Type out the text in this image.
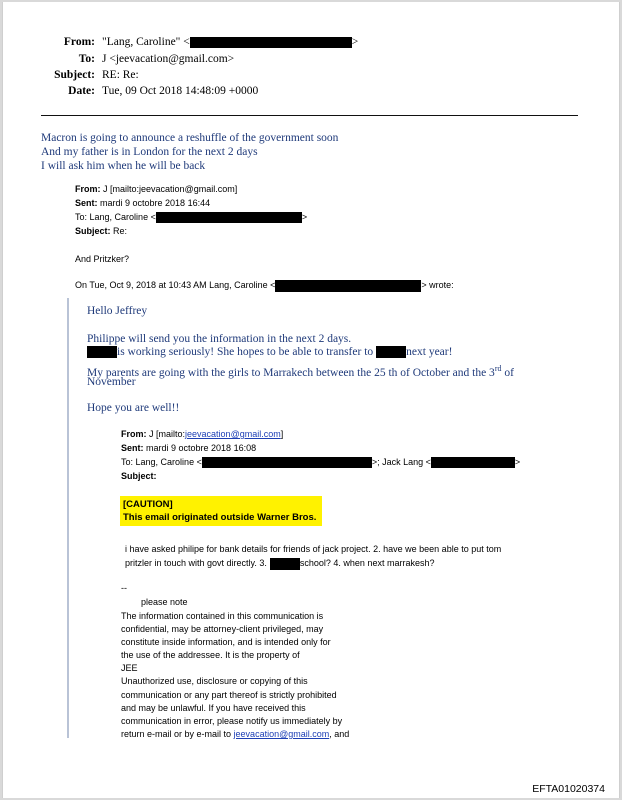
From: "Lang, Caroline" <	>
To: J <jeevacation@gmail.com>
Subject: RE: Re:
Date: Tue, 09 Oct 2018 14:48:09 +0000
Macron is going to announce a reshuffle of the government soon
And my father is in London for the next 2 days
I will ask him when he will be back
From: J [mailto:jeevacation@gmail.com]
Sent: mardi 9 octobre 2018 16:44
To: Lang, Caroline <	>
Subject: Re:
And Pritzker?
On Tue, Oct 9, 2018 at 10:43 AM Lang, Caroline <	> wrote:
Hello Jeffrey
Philippe will send you the information in the next 2 days.
is working seriously! She hopes to be able to transfer to	next year!
My parents are going with the girls to Marrakech between the 25 th of October and the 3rd of
November
Hope you are well!!
From: J [mailto:jeevacation@gmail.com]
Sent: mardi 9 octobre 2018 16:08
To: Lang, Caroline <	>; Jack Lang <	>
Subject:
[CAUTION]
This email originated outside Warner Bros.
i have asked philipe for bank details for friends of jack project. 2. have we been able to put tom
pritzler in touch with govt directly. 3.	school? 4. when next marrakesh?
--
please note
The information contained in this communication is
confidential, may be attorney-client privileged, may
constitute inside information, and is intended only for
the use of the addressee. It is the property of
JEE
Unauthorized use, disclosure or copying of this
communication or any part thereof is strictly prohibited
and may be unlawful. If you have received this
communication in error, please notify us immediately by
return e-mail or by e-mail to jeevacation@gmail.com, and
EFTA01020374
